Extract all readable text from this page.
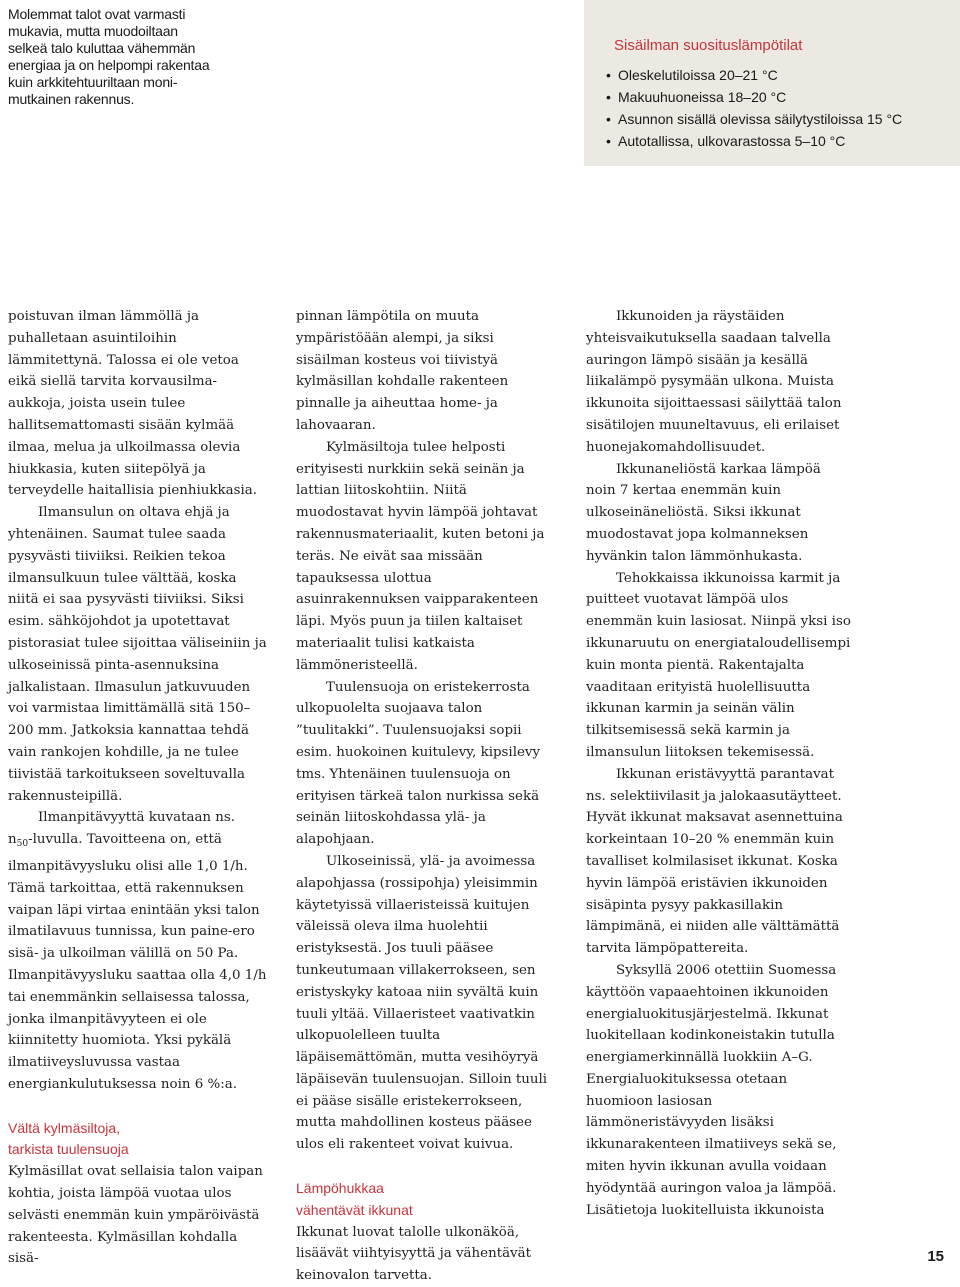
Molemmat talot ovat varmasti
mukavia, mutta muodoiltaan
selkeä talo kuluttaa vähemmän
energiaa ja on helpompi rakentaa
kuin arkkitehtuuriltaan moni-
mutkainen rakennus.
Sisäilman suosituslämpötilat
• Oleskelutiloissa 20–21 °C
• Makuuhuoneissa 18–20 °C
• Asunnon sisällä olevissa säilytystiloissa 15 °C
• Autotallissa, ulkovarastossa 5–10 °C

poistuvan ilman lämmöllä ja puhalletaan asuintiloihin lämmitettynä. Talossa ei ole vetoa eikä siellä tarvita korvausilma-aukkoja, joista usein tulee hallitsemattomasti sisään kylmää ilmaa, melua ja ulkoilmassa olevia hiukkasia, kuten siitepölyä ja terveydelle haitallisia pienhiukkasia.

Ilmansulun on oltava ehjä ja yhtenäinen. Saumat tulee saada pysyvästi tiiviiksi. Reikien tekoa ilmansulkuun tulee välttää, koska niitä ei saa pysyvästi tiiviiksi. Siksi esim. sähköjohdot ja upotettavat pistorasiat tulee sijoittaa väliseiniin ja ulkoseinissä pinta-asennuksina jalkalistaan. Ilmasulun jatkuvuuden voi varmistaa limittämällä sitä 150–200 mm. Jatkoksia kannattaa tehdä vain rankojen kohdille, ja ne tulee tiivistää tarkoitukseen soveltuvalla rakennusteipillä.

Ilmanpitävyyttä kuvataan ns.

$n_{50}$-luvulla. Tavoitteena on, että ilmanpitävyysluku olisi alle 1,0 1/h. Tämä tarkoittaa, että rakennuksen vaipan läpi virtaa enintään yksi talon ilmatilavuus tunnissa, kun paine-ero sisä- ja ulkoilman välillä on 50 Pa. Ilmanpitävyysluku saattaa olla 4,0 1/h tai enemmänkin sellaisessa talossa, jonka ilmanpitävyyteen ei ole kiinnitetty huomiota. Yksi pykälä ilmatiiveysluvussa vastaa energiankulutuksessa noin 6 %:a.

Vältä kylmäsiltoja,
tarkista tuulensuoja

Kylmäsillat ovat sellaisia talon vaipan kohtia, joista lämpöä vuotaa ulos selvästi enemmän kuin ympäröivästä rakenteesta. Kylmäsillan kohdalla sisä-

pinnan lämpötila on muuta ympäristöään alempi, ja siksi sisäilman kosteus voi tiivistyä kylmäsillan kohdalle rakenteen pinnalle ja aiheuttaa home- ja lahovaaran.

Kylmäsiltoja tulee helposti erityisesti nurkkiin sekä seinän ja lattian liitoskohtiin. Niitä muodostavat hyvin lämpöä johtavat rakennusmateriaalit, kuten betoni ja teräs. Ne eivät saa missään tapauksessa ulottua asuinrakennuksen vaipparakenteen läpi. Myös puun ja tiilen kaltaiset materiaalit tulisi katkaista lämmöneristeellä.

Tuulensuoja on eristekerrosta ulkopuolelta suojaava talon ”tuulitakki”. Tuulensuojaksi sopii esim. huokoinen kuitulevy, kipsilevy tms. Yhtenäinen tuulensuoja on erityisen tärkeä talon nurkissa sekä seinän liitoskohdassa ylä- ja alapohjaan.

Ulkoseinissä, ylä- ja avoimessa alapohjassa (rossipohja) yleisimmin käytetyissä villaeristeissä kuitujen väleissä oleva ilma huolehtii eristyksestä. Jos tuuli pääsee tunkeutumaan villakerrokseen, sen eristyskyky katoaa niin syvältä kuin tuuli yltää. Villaeristeet vaativatkin ulkopuolelleen tuulta läpäisemättömän, mutta vesihöyryä läpäisevän tuulensuojan. Silloin tuuli ei pääse sisälle eristekerrokseen, mutta mahdollinen kosteus pääsee ulos eli rakenteet voivat kuivua.

Lämpöhukkaa
vähentävät ikkunat

Ikkunat luovat talolle ulkonäköä, lisäävät viihtyisyyttä ja vähentävät keinovalon tarvetta.

Ikkunoiden ja räystäiden yhteisvaikutuksella saadaan talvella auringon lämpö sisään ja kesällä liikalämpö pysymään ulkona. Muista ikkunoita sijoittaessasi säilyttää talon sisätilojen muuneltavuus, eli erilaiset huonejakomahdollisuudet.

Ikkunaneliöstä karkaa lämpöä noin 7 kertaa enemmän kuin ulkoseinäneliöstä. Siksi ikkunat muodostavat jopa kolmanneksen hyvänkin talon lämmönhukasta.

Tehokkaissa ikkunoissa karmit ja puitteet vuotavat lämpöä ulos enemmän kuin lasiosat. Niinpä yksi iso ikkunaruutu on energiataloudellisempi kuin monta pientä. Rakentajalta vaaditaan erityistä huolellisuutta ikkunan karmin ja seinän välin tilkitsemisessä sekä karmin ja ilmansulun liitoksen tekemisessä.

Ikkunan eristävyyttä parantavat ns. selektiivilasit ja jalokaasutäytteet. Hyvät ikkunat maksavat asennettuina korkeintaan 10–20 % enemmän kuin tavalliset kolmilasiset ikkunat. Koska hyvin lämpöä eristävien ikkunoiden sisäpinta pysyy pakkasillakin lämpimänä, ei niiden alle välttämättä tarvita lämpöpattereita.

Syksyllä 2006 otettiin Suomessa käyttöön vapaaehtoinen ikkunoiden energialuokitusjärjestelmä. Ikkunat luokitellaan kodinkoneistakin tutulla energiamerkinnällä luokkiin A–G. Energialuokituksessa otetaan huomioon lasiosan lämmöneristävyyden lisäksi ikkunarakenteen ilmatiiveys sekä se, miten hyvin ikkunan avulla voidaan hyödyntää auringon valoa ja lämpöä. Lisätietoja luokitelluista ikkunoista

15
